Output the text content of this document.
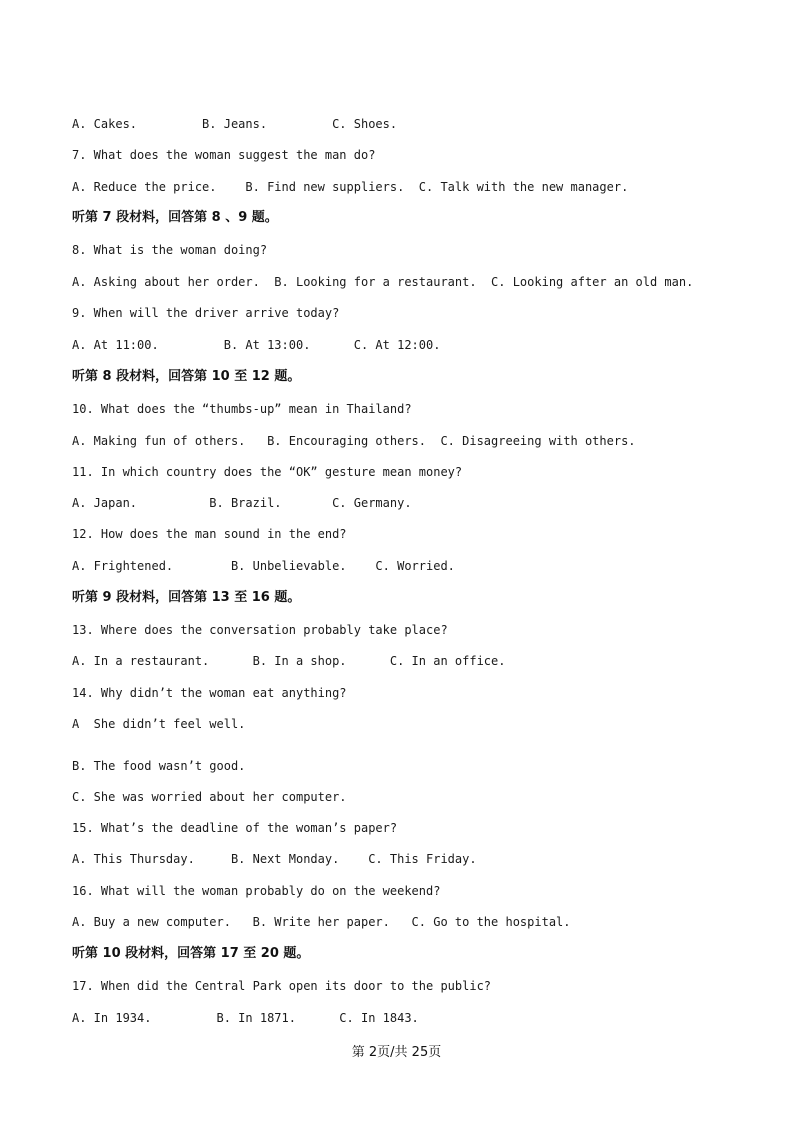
A. Cakes.         B. Jeans.         C. Shoes.
7. What does the woman suggest the man do?
A. Reduce the price.    B. Find new suppliers.  C. Talk with the new manager.
听第 7 段材料，回答第 8 、9 题。
8. What is the woman doing?
A. Asking about her order.  B. Looking for a restaurant.  C. Looking after an old man.
9. When will the driver arrive today?
A. At 11:00.         B. At 13:00.      C. At 12:00.
听第 8 段材料，回答第 10 至 12 题。
10. What does the “thumbs-up” mean in Thailand?
A. Making fun of others.   B. Encouraging others.  C. Disagreeing with others.
11. In which country does the “OK” gesture mean money?
A. Japan.          B. Brazil.       C. Germany.
12. How does the man sound in the end?
A. Frightened.        B. Unbelievable.    C. Worried.
听第 9 段材料，回答第 13 至 16 题。
13. Where does the conversation probably take place?
A. In a restaurant.      B. In a shop.      C. In an office.
14. Why didn’t the woman eat anything?
A  She didn’t feel well.
B. The food wasn’t good.
C. She was worried about her computer.
15. What’s the deadline of the woman’s paper?
A. This Thursday.     B. Next Monday.    C. This Friday.
16. What will the woman probably do on the weekend?
A. Buy a new computer.   B. Write her paper.   C. Go to the hospital.
听第 10 段材料，回答第 17 至 20 题。
17. When did the Central Park open its door to the public?
A. In 1934.         B. In 1871.      C. In 1843.
第 2页/共 25页
